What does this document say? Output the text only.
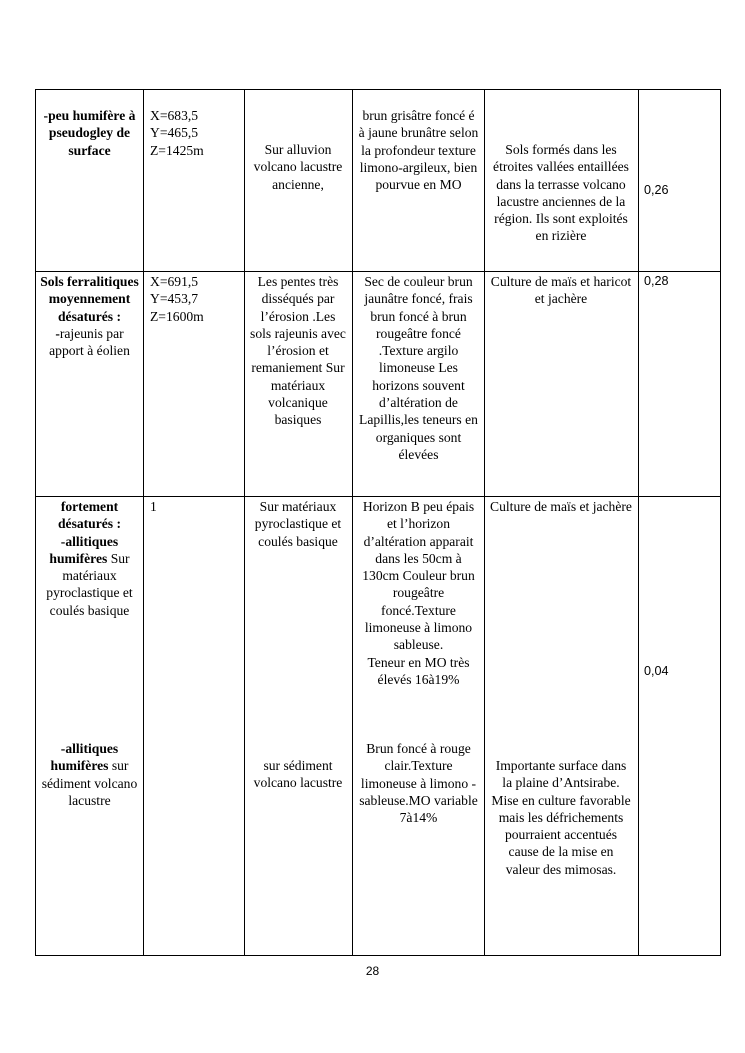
-peu humifère à pseudogley de surface
X=683,5
Y=465,5
Z=1425m	Sur alluvion volcano lacustre ancienne,
brun grisâtre foncé é à jaune brunâtre selon la profondeur texture limono-argileux, bien pourvue en MO
Sols formés dans les étroites vallées entaillées dans la terrasse volcano lacustre anciennes de la région. Ils sont exploités en rizière
0,26
Sols ferralitiques moyennement désaturés :
-rajeunis par apport à éolien
X=691,5
Y=453,7
Z=1600m
Les pentes très disséqués par l’érosion .Les sols rajeunis avec l’érosion et remaniement Sur matériaux volcanique basiques
Sec de couleur brun jaunâtre foncé, frais brun foncé à brun rougeâtre foncé .Texture argilo limoneuse Les horizons souvent d’altération de Lapillis,les teneurs en organiques sont élevées
Culture de maïs et haricot et jachère
0,28
fortement désaturés :
-allitiques humifères Sur matériaux pyroclastique et coulés basique
1	Sur matériaux pyroclastique et coulés basique
Horizon B peu épais et l’horizon d’altération apparait dans les 50cm à 130cm Couleur brun rougeâtre foncé.Texture limoneuse à limono sableuse.
Teneur en MO très élevés 16à19%
Culture de maïs et jachère
0,04
-allitiques humifères sur sédiment volcano lacustre
sur sédiment volcano lacustre
Brun foncé à rouge clair.Texture limoneuse à limono -sableuse.MO variable 7à14%
Importante surface dans la plaine d’Antsirabe. Mise en culture favorable mais les défrichements pourraient accentués cause de la mise en valeur des mimosas.
28
